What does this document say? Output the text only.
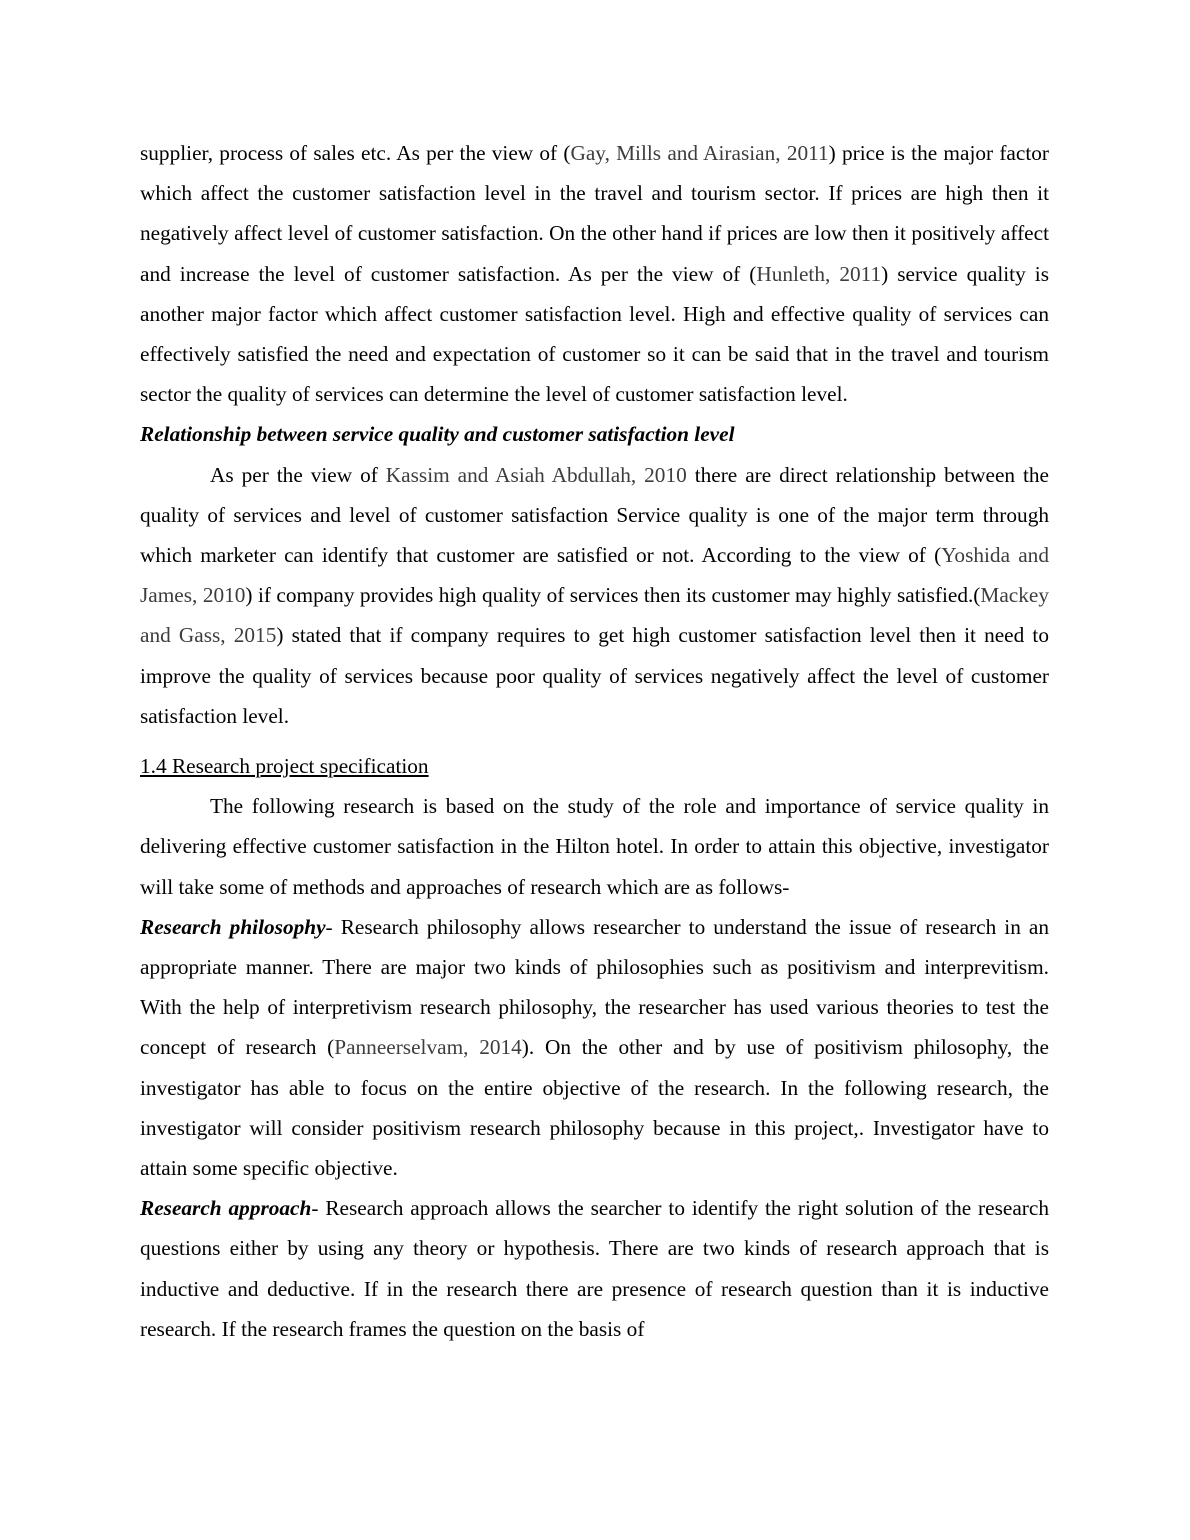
supplier, process of sales etc. As per the view of (Gay, Mills and Airasian, 2011) price is the major factor which affect the customer satisfaction level in the travel and tourism sector. If prices are high then it negatively affect level of customer satisfaction. On the other hand if prices are low then it positively affect and increase the level of customer satisfaction. As per the view of (Hunleth, 2011) service quality is another major factor which affect customer satisfaction level. High and effective quality of services can effectively satisfied the need and expectation of customer so it can be said that in the travel and tourism sector the quality of services can determine the level of customer satisfaction level.

Relationship between service quality and customer satisfaction level

As per the view of Kassim and Asiah Abdullah, 2010 there are direct relationship between the quality of services and level of customer satisfaction Service quality is one of the major term through which marketer can identify that customer are satisfied or not. According to the view of (Yoshida and James, 2010) if company provides high quality of services then its customer may highly satisfied.(Mackey and Gass, 2015) stated that if company requires to get high customer satisfaction level then it need to improve the quality of services because poor quality of services negatively affect the level of customer satisfaction level.

1.4 Research project specification

The following research is based on the study of the role and importance of service quality in delivering effective customer satisfaction in the Hilton hotel. In order to attain this objective, investigator will take some of methods and approaches of research which are as follows-

Research philosophy- Research philosophy allows researcher to understand the issue of research in an appropriate manner. There are major two kinds of philosophies such as positivism and interprevitism. With the help of interpretivism research philosophy, the researcher has used various theories to test the concept of research (Panneerselvam, 2014). On the other and by use of positivism philosophy, the investigator has able to focus on the entire objective of the research. In the following research, the investigator will consider positivism research philosophy because in this project,. Investigator have to attain some specific objective.

Research approach- Research approach allows the searcher to identify the right solution of the research questions either by using any theory or hypothesis. There are two kinds of research approach that is inductive and deductive. If in the research there are presence of research question than it is inductive research. If the research frames the question on the basis of
